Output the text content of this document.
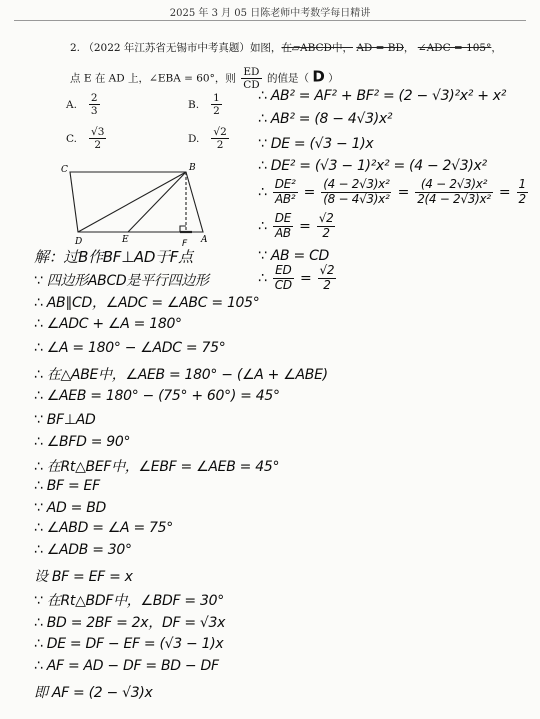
2025 年 3 月 05 日陈老师中考数学每日精讲
2. （2022 年江苏省无锡市中考真题）如图，在▱ABCD中， AD = BD， ∠ADC = 105°，
点 E 在 AD 上，∠EBA = 60°，则 $\frac{ED}{CD}$ 的值是（ D ）
A. $\frac{2}{3}$	B. $\frac{1}{2}$
C. $\frac{√3}{2}$	D. $\frac{√2}{2}$
C	B
D	E	F A
∴ AB² = AF² + BF² = (2 − √3)²x² + x²
∴ AB² = (8 − 4√3)x²
∵ DE = (√3 − 1)x
∴ DE² = (√3 − 1)²x² = (4 − 2√3)x²
∴ $\frac{\text{DE²}}{\text{AB²}} = \frac{\text{(4 − 2√3)x²}}{\text{(8 − 4√3)x²}} = \frac{\text{(4 − 2√3)x²}}{\text{2(4 − 2√3)x²}} = \frac{1}{2}$
∴ $\frac{DE}{AB} = \frac{√2}{2}$
∵ AB = CD
∴ $\frac{ED}{CD} = \frac{√2}{2}$
解：过B作BF⊥AD于F点
∵ 四边形ABCD是平行四边形
∴ AB∥CD，∠ADC = ∠ABC = 105°
∴ ∠ADC + ∠A = 180°
∴ ∠A = 180° − ∠ADC = 75°
∴ 在△ABE中，∠AEB = 180° − (∠A + ∠ABE)
∴ ∠AEB = 180° − (75° + 60°) = 45°
∵ BF⊥AD
∴ ∠BFD = 90°
∴ 在Rt△BEF中，∠EBF = ∠AEB = 45°
∴ BF = EF
∵ AD = BD
∴ ∠ABD = ∠A = 75°
∴ ∠ADB = 30°
设 BF = EF = x
∵ 在Rt△BDF中，∠BDF = 30°
∴ BD = 2BF = 2x，DF = √3x
∴ DE = DF − EF = (√3 − 1)x
∴ AF = AD − DF = BD − DF
即 AF = (2 − √3)x
